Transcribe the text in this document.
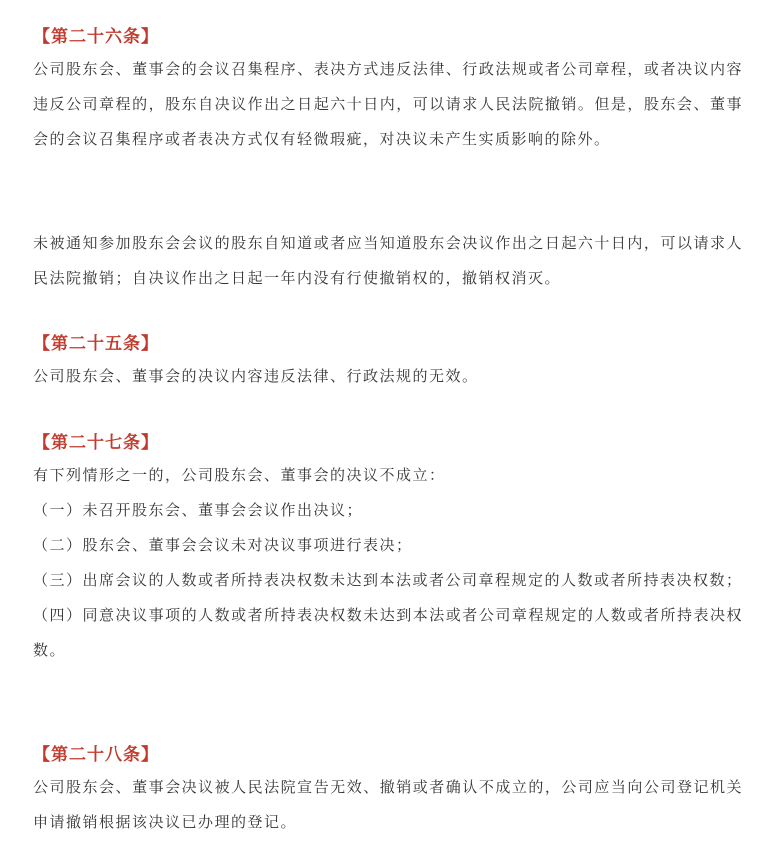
【第二十六条】

公司股东会、董事会的会议召集程序、表决方式违反法律、行政法规或者公司章程，或者决议内容违反公司章程的，股东自决议作出之日起六十日内，可以请求人民法院撤销。但是，股东会、董事会的会议召集程序或者表决方式仅有轻微瑕疵，对决议未产生实质影响的除外。

未被通知参加股东会会议的股东自知道或者应当知道股东会决议作出之日起六十日内，可以请求人民法院撤销；自决议作出之日起一年内没有行使撤销权的，撤销权消灭。

【第二十五条】

公司股东会、董事会的决议内容违反法律、行政法规的无效。

【第二十七条】

有下列情形之一的，公司股东会、董事会的决议不成立：

（一）未召开股东会、董事会会议作出决议；

（二）股东会、董事会会议未对决议事项进行表决；

（三）出席会议的人数或者所持表决权数未达到本法或者公司章程规定的人数或者所持表决权数；

（四）同意决议事项的人数或者所持表决权数未达到本法或者公司章程规定的人数或者所持表决权数。

【第二十八条】

公司股东会、董事会决议被人民法院宣告无效、撤销或者确认不成立的，公司应当向公司登记机关申请撤销根据该决议已办理的登记。
